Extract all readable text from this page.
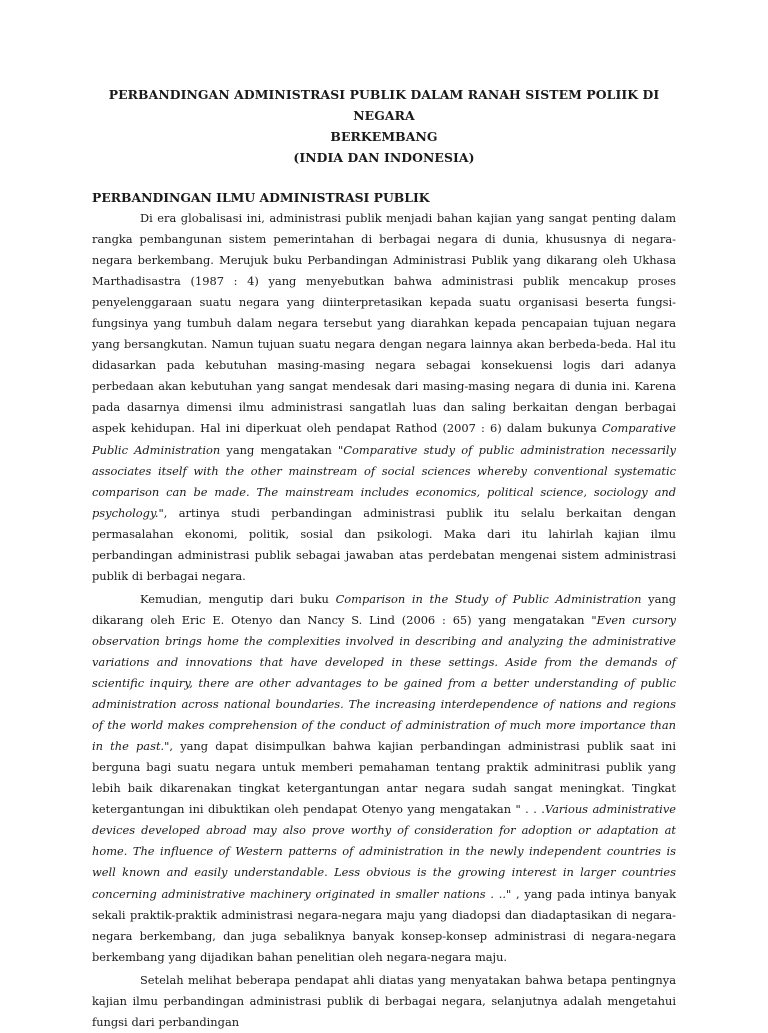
PERBANDINGAN ADMINISTRASI PUBLIK DALAM RANAH SISTEM POLIIK DI NEGARA
BERKEMBANG
(INDIA DAN INDONESIA)

PERBANDINGAN ILMU ADMINISTRASI PUBLIK

Di era globalisasi ini, administrasi publik menjadi bahan kajian yang sangat penting dalam rangka pembangunan sistem pemerintahan di berbagai negara di dunia, khususnya di negara-negara berkembang. Merujuk buku Perbandingan Administrasi Publik yang dikarang oleh Ukhasa Marthadisastra (1987 : 4) yang menyebutkan bahwa administrasi publik mencakup proses penyelenggaraan suatu negara yang diinterpretasikan kepada suatu organisasi beserta fungsi-fungsinya yang tumbuh dalam negara tersebut yang diarahkan kepada pencapaian tujuan negara yang bersangkutan. Namun tujuan suatu negara dengan negara lainnya akan berbeda-beda. Hal itu didasarkan pada kebutuhan masing-masing negara sebagai konsekuensi logis dari adanya perbedaan akan kebutuhan yang sangat mendesak dari masing-masing negara di dunia ini. Karena pada dasarnya dimensi ilmu administrasi sangatlah luas dan saling berkaitan dengan berbagai aspek kehidupan. Hal ini diperkuat oleh pendapat Rathod (2007 : 6) dalam bukunya Comparative Public Administration yang mengatakan "Comparative study of public administration necessarily associates itself with the other mainstream of social sciences whereby conventional systematic comparison can be made. The mainstream includes economics, political science, sociology and psychology.", artinya studi perbandingan administrasi publik itu selalu berkaitan dengan permasalahan ekonomi, politik, sosial dan psikologi. Maka dari itu lahirlah kajian ilmu perbandingan administrasi publik sebagai jawaban atas perdebatan mengenai sistem administrasi publik di berbagai negara.

Kemudian, mengutip dari buku Comparison in the Study of Public Administration yang dikarang oleh Eric E. Otenyo dan Nancy S. Lind (2006 : 65) yang mengatakan "Even cursory observation brings home the complexities involved in describing and analyzing the administrative variations and innovations that have developed in these settings. Aside from the demands of scientific inquiry, there are other advantages to be gained from a better understanding of public administration across national boundaries. The increasing interdependence of nations and regions of the world makes comprehension of the conduct of administration of much more importance than in the past.", yang dapat disimpulkan bahwa kajian perbandingan administrasi publik saat ini berguna bagi suatu negara untuk memberi pemahaman tentang praktik adminitrasi publik yang lebih baik dikarenakan tingkat ketergantungan antar negara sudah sangat meningkat. Tingkat ketergantungan ini dibuktikan oleh pendapat Otenyo yang mengatakan " . . .Various administrative devices developed abroad may also prove worthy of consideration for adoption or adaptation at home. The influence of Western patterns of administration in the newly independent countries is well known and easily understandable. Less obvious is the growing interest in larger countries concerning administrative machinery originated in smaller nations . .." , yang pada intinya banyak sekali praktik-praktik administrasi negara-negara maju yang diadopsi dan diadaptasikan di negara-negara berkembang, dan juga sebaliknya banyak konsep-konsep administrasi di negara-negara berkembang yang dijadikan bahan penelitian oleh negara-negara maju.

Setelah melihat beberapa pendapat ahli diatas yang menyatakan bahwa betapa pentingnya kajian ilmu perbandingan administrasi publik di berbagai negara, selanjutnya adalah mengetahui fungsi dari perbandingan
